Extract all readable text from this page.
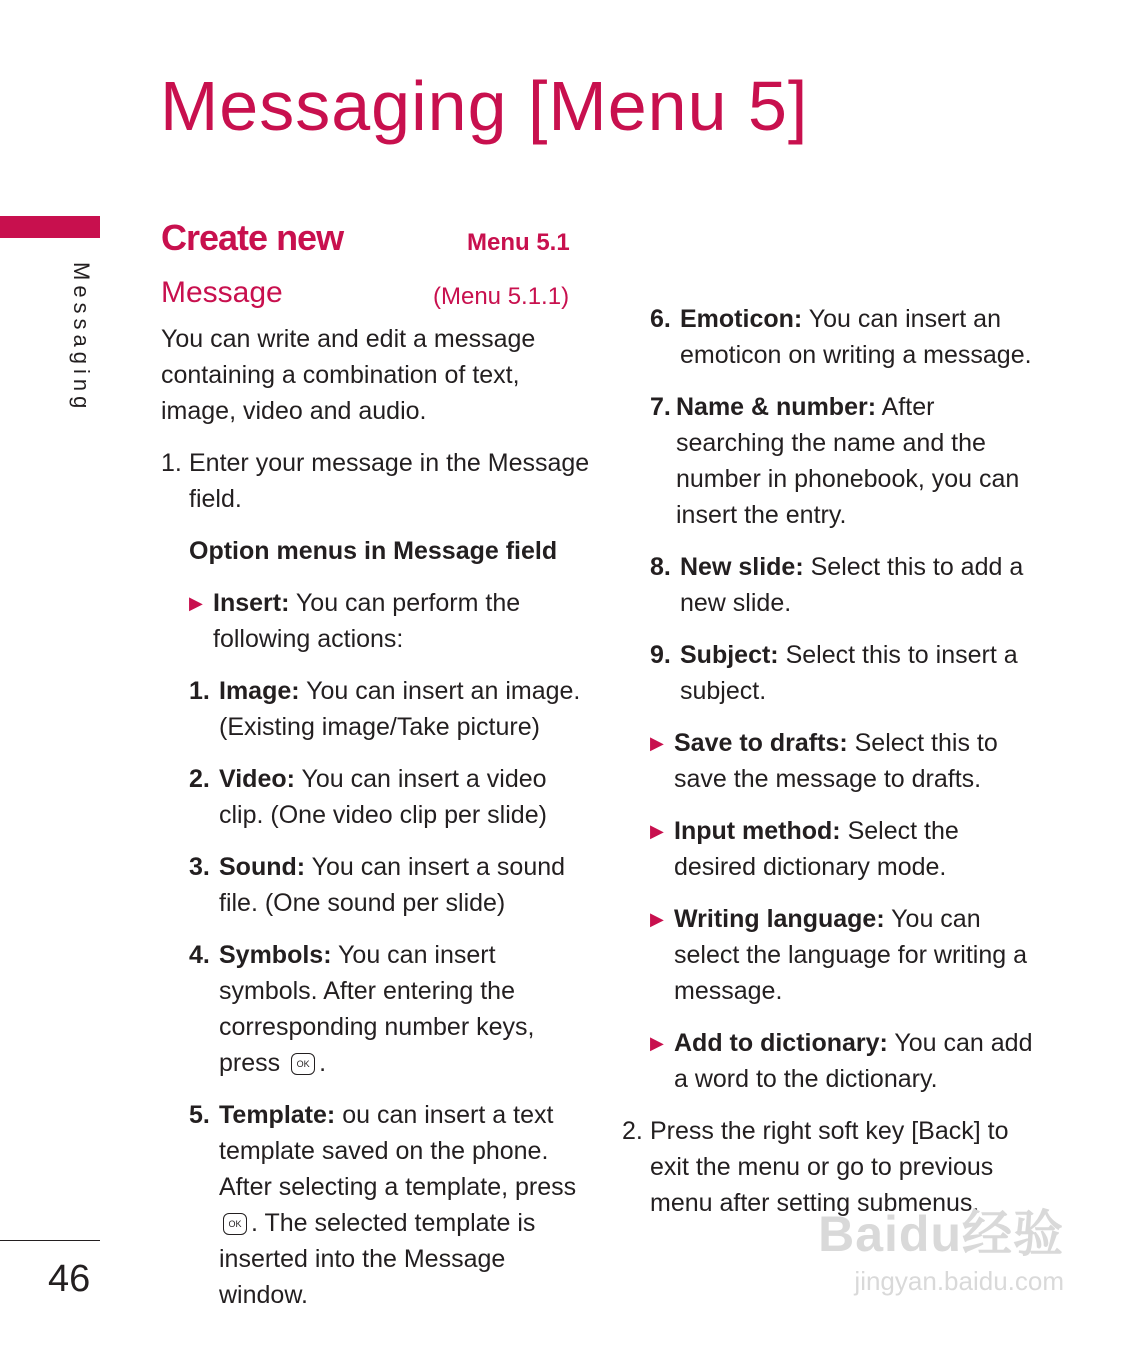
Messaging [Menu 5]
Messaging
46
Create new	Menu 5.1
Message	(Menu 5.1.1)

You can write and edit a message containing a combination of text, image, video and audio.

1. Enter your message in the Message field.

Option menus in Message field

▶ Insert: You can perform the following actions:
1. Image: You can insert an image. (Existing image/Take picture)
2. Video: You can insert a video clip. (One video clip per slide)
3. Sound: You can insert a sound file. (One sound per slide)
4. Symbols: You can insert symbols. After entering the corresponding number keys, press OK .
5. Template: ou can insert a text template saved on the phone. After selecting a template, press OK . The selected template is inserted into the Message window.
6. Emoticon: You can insert an emoticon on writing a message.
7. Name & number: After searching the name and the number in phonebook, you can insert the entry.
8. New slide: Select this to add a new slide.
9. Subject: Select this to insert a subject.
▶ Save to drafts: Select this to save the message to drafts.
▶ Input method: Select the desired dictionary mode.
▶ Writing language: You can select the language for writing a message.
▶ Add to dictionary: You can add a word to the dictionary.
2. Press the right soft key [Back] to exit the menu or go to previous menu after setting submenus.
Baidu经验
jingyan.baidu.com
